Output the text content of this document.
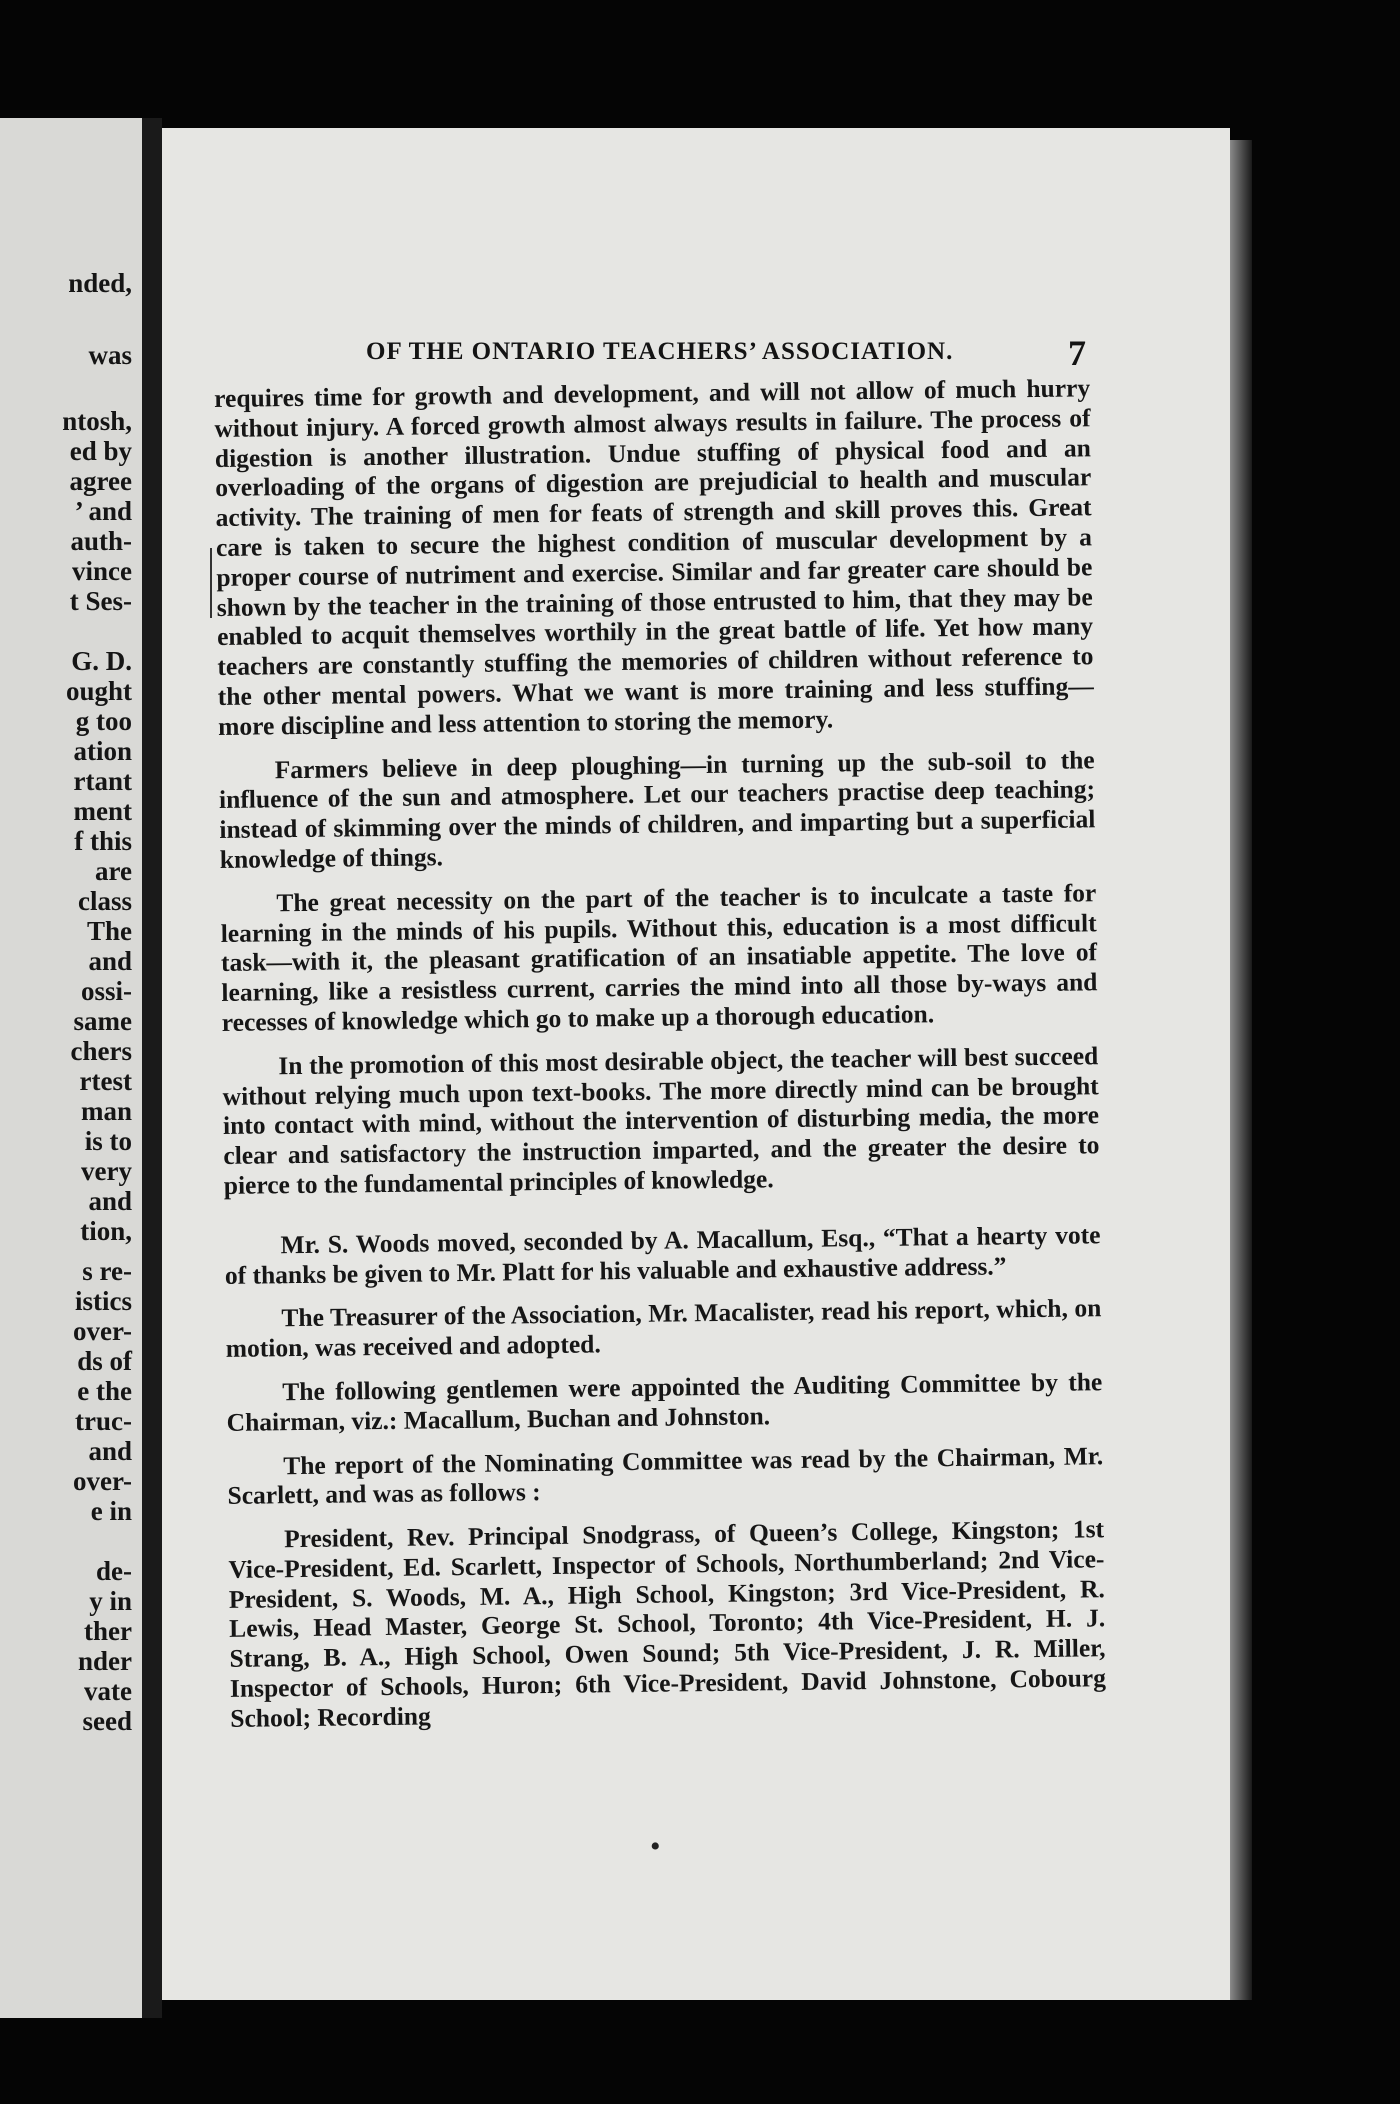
nded,
was
ntosh,
ed by
agree
’ and
auth-
vince
t Ses-
G. D.
ought
g too
ation
rtant
ment
f this
are
class
The
and
ossi-
same
chers
rtest
man
is to
very
and
tion,
s re-
istics
over-
ds of
e the
truc-
and
over-
e in
de-
y in
ther
nder
vate
seed
OF THE ONTARIO TEACHERS’ ASSOCIATION.	7
•

requires time for growth and development, and will not allow of much hurry without injury. A forced growth almost always results in failure. The process of digestion is another illustration. Undue stuffing of physical food and an overloading of the organs of digestion are prejudicial to health and muscular activity. The training of men for feats of strength and skill proves this. Great care is taken to secure the highest condition of muscular development by a proper course of nutriment and exercise. Similar and far greater care should be shown by the teacher in the training of those entrusted to him, that they may be enabled to acquit themselves worthily in the great battle of life. Yet how many teachers are constantly stuffing the memories of children without reference to the other mental powers. What we want is more training and less stuffing—more discipline and less attention to storing the memory.

Farmers believe in deep ploughing—in turning up the sub-soil to the influence of the sun and atmosphere. Let our teachers practise deep teaching; instead of skimming over the minds of children, and imparting but a superficial knowledge of things.

The great necessity on the part of the teacher is to inculcate a taste for learning in the minds of his pupils. Without this, education is a most difficult task—with it, the pleasant gratification of an insatiable appetite. The love of learning, like a resistless current, carries the mind into all those by-ways and recesses of knowledge which go to make up a thorough education.

In the promotion of this most desirable object, the teacher will best succeed without relying much upon text-books. The more directly mind can be brought into contact with mind, without the intervention of disturbing media, the more clear and satisfactory the instruction imparted, and the greater the desire to pierce to the fundamental principles of knowledge.

Mr. S. Woods moved, seconded by A. Macallum, Esq., “That a hearty vote of thanks be given to Mr. Platt for his valuable and exhaustive address.”

The Treasurer of the Association, Mr. Macalister, read his report, which, on motion, was received and adopted.

The following gentlemen were appointed the Auditing Committee by the Chairman, viz.: Macallum, Buchan and Johnston.

The report of the Nominating Committee was read by the Chairman, Mr. Scarlett, and was as follows :

President, Rev. Principal Snodgrass, of Queen’s College, Kingston; 1st Vice-President, Ed. Scarlett, Inspector of Schools, Northumberland; 2nd Vice-President, S. Woods, M. A., High School, Kingston; 3rd Vice-President, R. Lewis, Head Master, George St. School, Toronto; 4th Vice-President, H. J. Strang, B. A., High School, Owen Sound; 5th Vice-President, J. R. Miller, Inspector of Schools, Huron; 6th Vice-President, David Johnstone, Cobourg School; Recording
